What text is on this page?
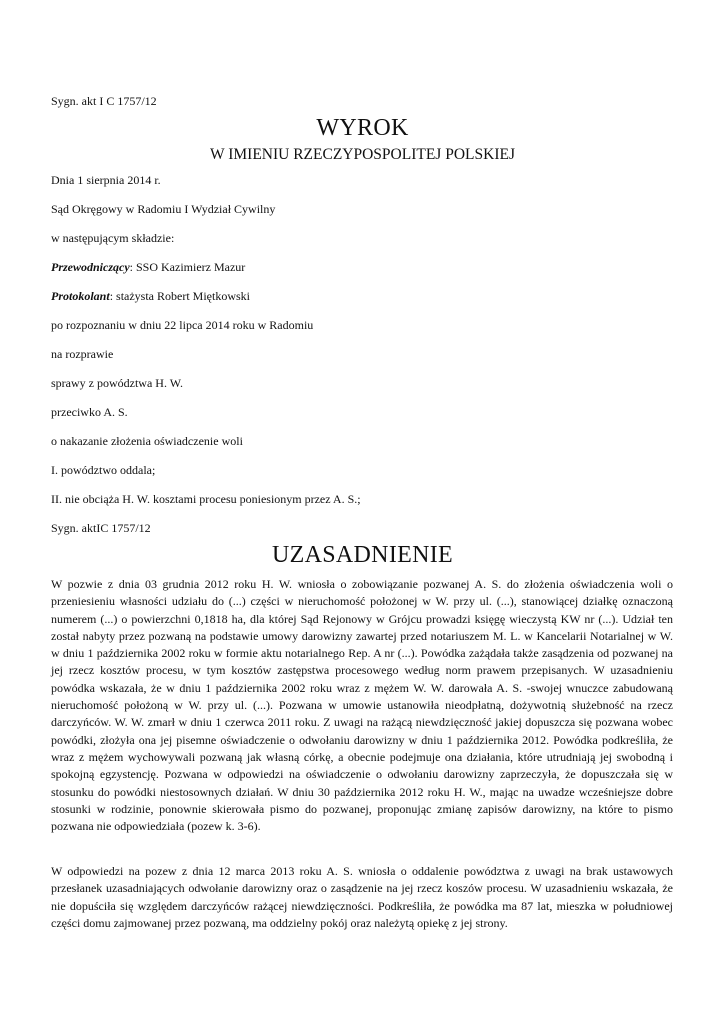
Sygn. akt I C 1757/12
WYROK
W IMIENIU RZECZYPOSPOLITEJ POLSKIEJ
Dnia 1 sierpnia 2014 r.
Sąd Okręgowy w Radomiu I Wydział Cywilny
w następującym składzie:
Przewodniczący: SSO Kazimierz Mazur
Protokolant: stażysta Robert Miętkowski
po rozpoznaniu w dniu 22 lipca 2014 roku w Radomiu
na rozprawie
sprawy z powództwa H. W.
przeciwko A. S.
o nakazanie złożenia oświadczenie woli
I. powództwo oddala;
II. nie obciąża H. W. kosztami procesu poniesionym przez A. S.;
Sygn. aktIC 1757/12
UZASADNIENIE

W pozwie z dnia 03 grudnia 2012 roku H. W. wniosła o zobowiązanie pozwanej A. S. do złożenia oświadczenia woli o przeniesieniu własności udziału do (...) części w nieruchomość położonej w W. przy ul. (...), stanowiącej działkę oznaczoną numerem (...) o powierzchni 0,1818 ha, dla której Sąd Rejonowy w Grójcu prowadzi księgę wieczystą KW nr (...). Udział ten został nabyty przez pozwaną na podstawie umowy darowizny zawartej przed notariuszem M. L. w Kancelarii Notarialnej w W. w dniu 1 października 2002 roku w formie aktu notarialnego Rep. A nr (...). Powódka zażądała także zasądzenia od pozwanej na jej rzecz kosztów procesu, w tym kosztów zastępstwa procesowego według norm prawem przepisanych. W uzasadnieniu powódka wskazała, że w dniu 1 października 2002 roku wraz z mężem W. W. darowała A. S. -swojej wnuczce zabudowaną nieruchomość położoną w W. przy ul. (...). Pozwana w umowie ustanowiła nieodpłatną, dożywotnią służebność na rzecz darczyńców. W. W. zmarł w dniu 1 czerwca 2011 roku. Z uwagi na rażącą niewdzięczność jakiej dopuszcza się pozwana wobec powódki, złożyła ona jej pisemne oświadczenie o odwołaniu darowizny w dniu 1 października 2012. Powódka podkreśliła, że wraz z mężem wychowywali pozwaną jak własną córkę, a obecnie podejmuje ona działania, które utrudniają jej swobodną i spokojną egzystencję. Pozwana w odpowiedzi na oświadczenie o odwołaniu darowizny zaprzeczyła, że dopuszczała się w stosunku do powódki niestosownych działań. W dniu 30 października 2012 roku H. W., mając na uwadze wcześniejsze dobre stosunki w rodzinie, ponownie skierowała pismo do pozwanej, proponując zmianę zapisów darowizny, na które to pismo pozwana nie odpowiedziała (pozew k. 3-6).

W odpowiedzi na pozew z dnia 12 marca 2013 roku A. S. wniosła o oddalenie powództwa z uwagi na brak ustawowych przesłanek uzasadniających odwołanie darowizny oraz o zasądzenie na jej rzecz koszów procesu. W uzasadnieniu wskazała, że nie dopuściła się względem darczyńców rażącej niewdzięczności. Podkreśliła, że powódka ma 87 lat, mieszka w południowej części domu zajmowanej przez pozwaną, ma oddzielny pokój oraz należytą opiekę z jej strony.
